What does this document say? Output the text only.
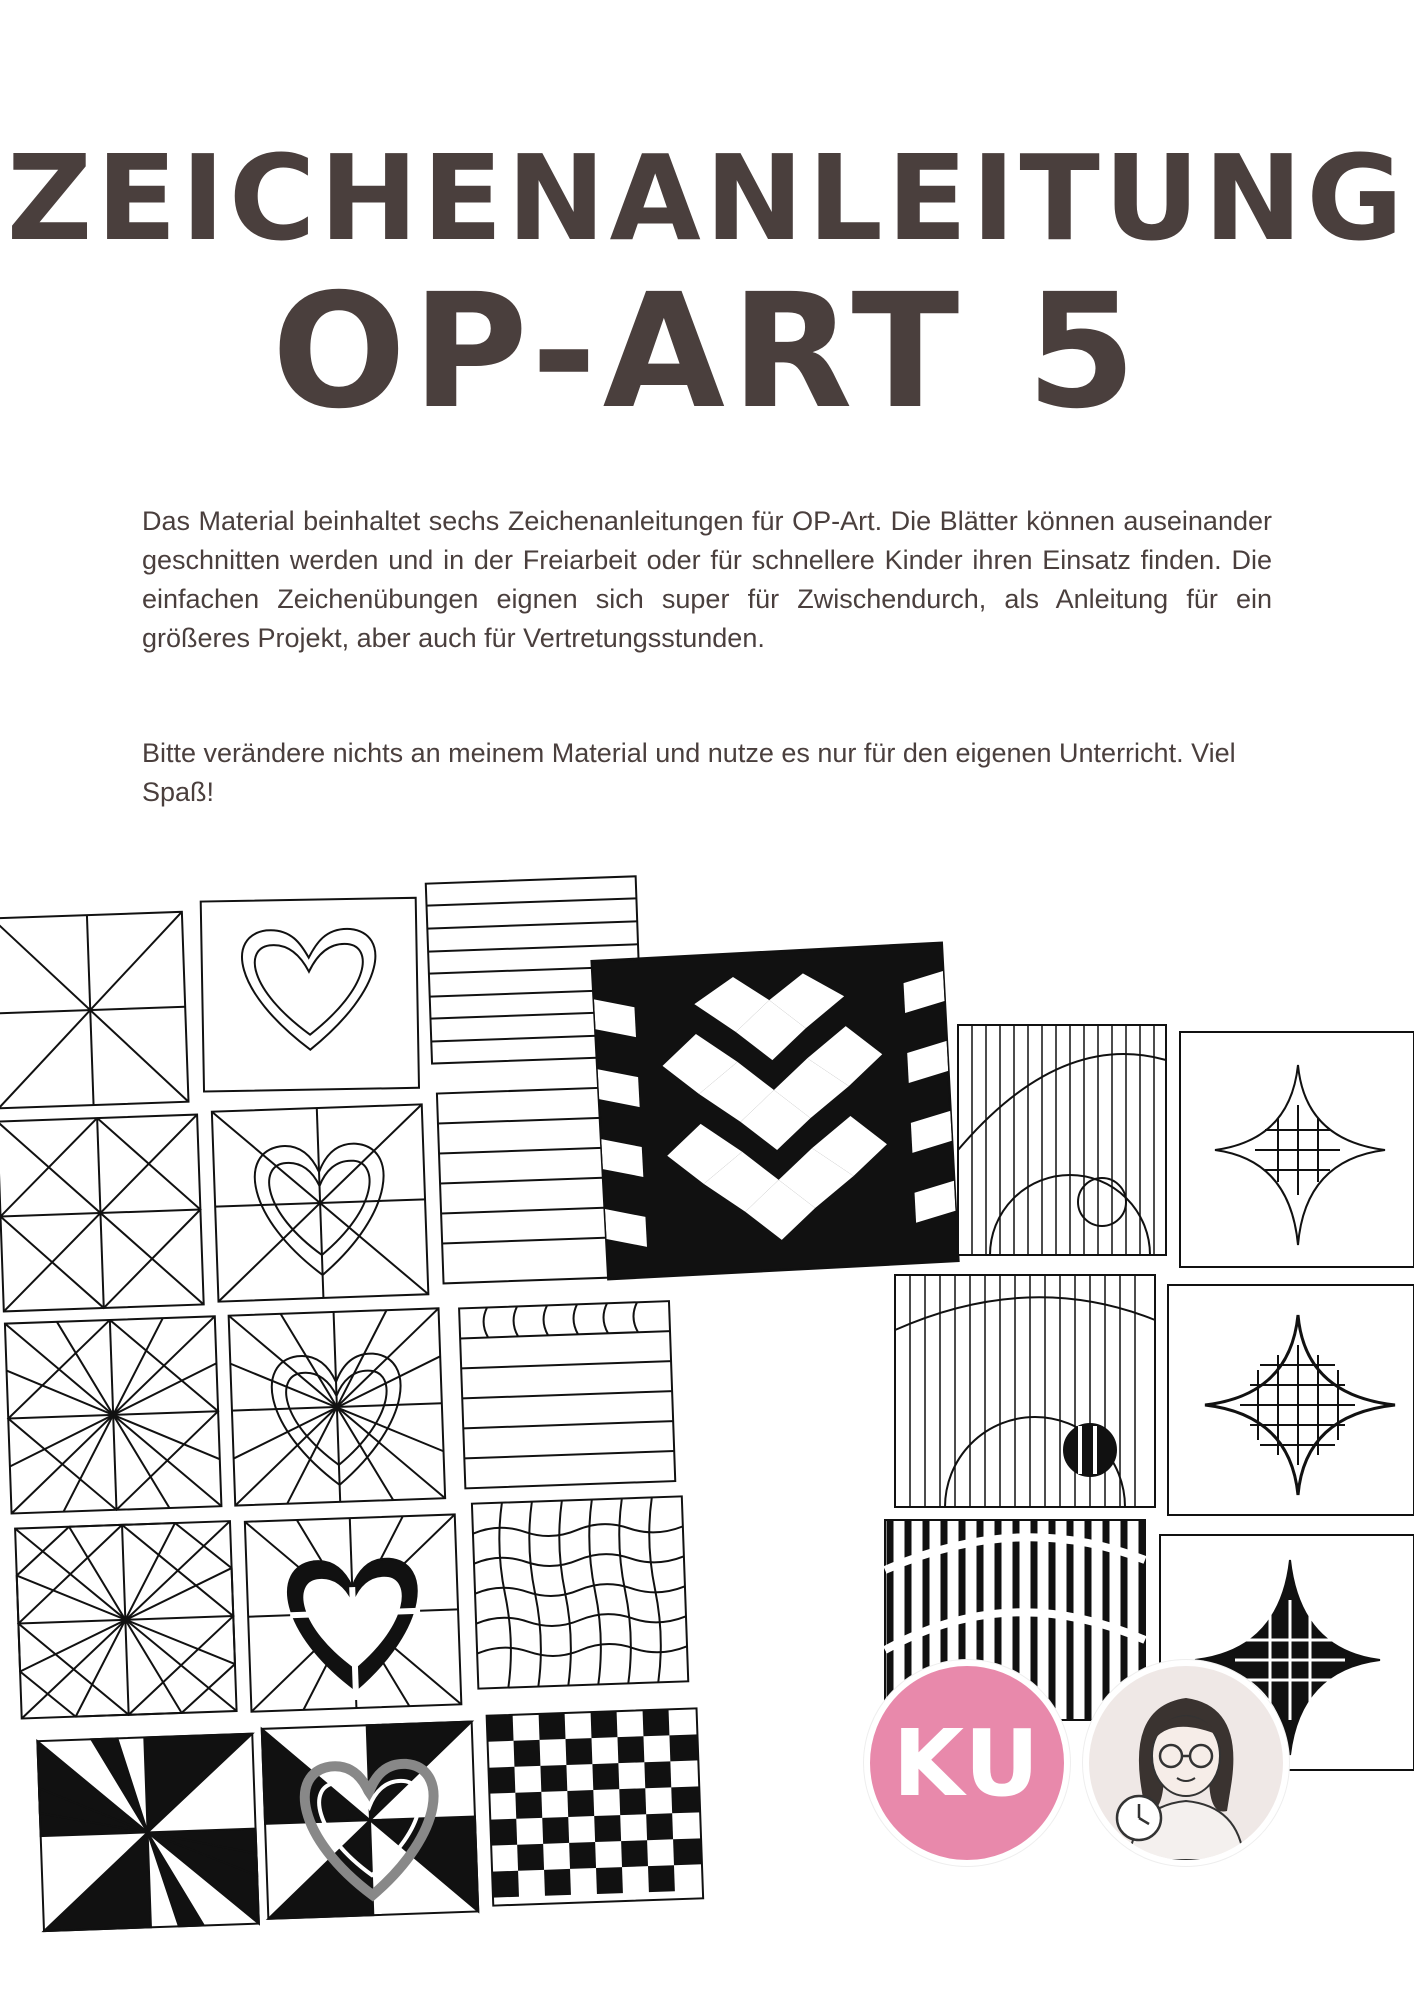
ZEICHENANLEITUNG
OP-ART 5

Das Material beinhaltet sechs Zeichenanleitungen für OP-Art. Die Blätter können auseinander geschnitten werden und in der Freiarbeit oder für schnellere Kinder ihren Einsatz finden. Die einfachen Zeichenübungen eignen sich super für Zwischendurch, als Anleitung für ein größeres Projekt, aber auch für Vertretungsstunden.

Bitte verändere nichts an meinem Material und nutze es nur für den eigenen Unterricht. Viel Spaß!

KU
